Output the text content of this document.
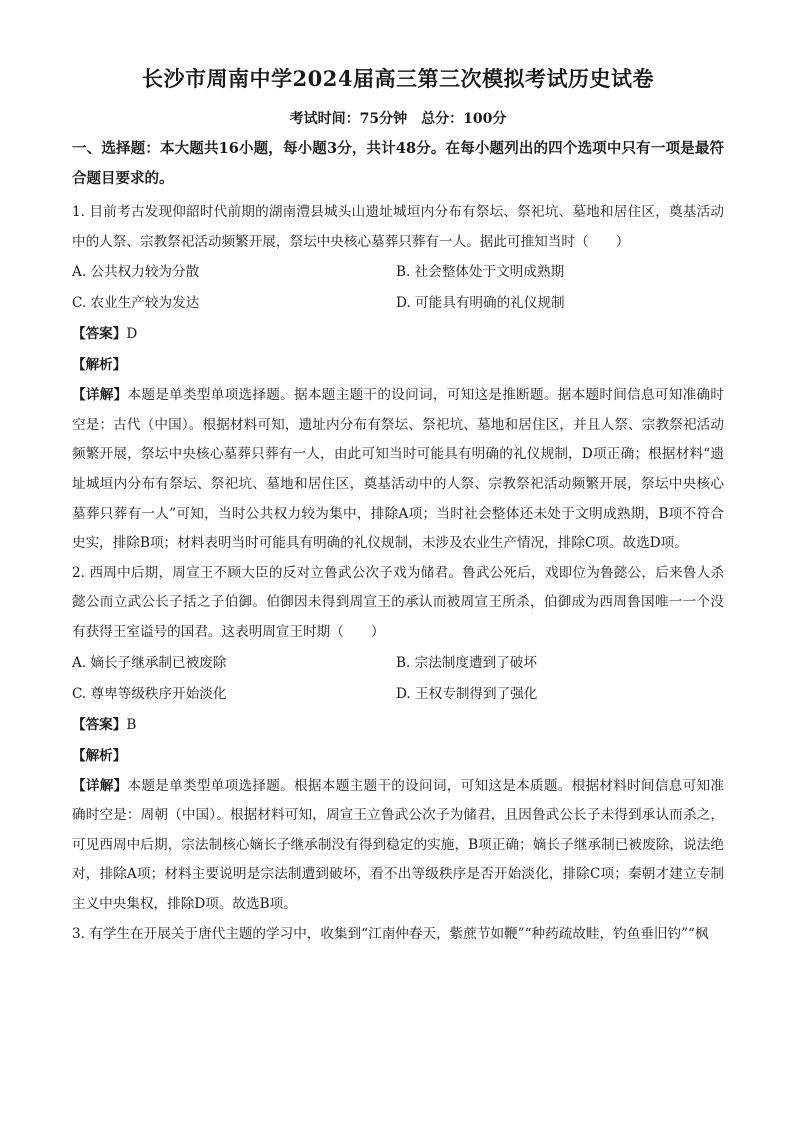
长沙市周南中学2024届高三第三次模拟考试历史试卷
考试时间：75分钟　总分：100分
一、选择题：本大题共16小题，每小题3分，共计48分。在每小题列出的四个选项中只有一项是最符合题目要求的。

1. 目前考古发现仰韶时代前期的湖南澧县城头山遗址城垣内分布有祭坛、祭祀坑、墓地和居住区，奠基活动中的人祭、宗教祭祀活动频繁开展，祭坛中央核心墓葬只葬有一人。据此可推知当时（　　）

A. 公共权力较为分散	B. 社会整体处于文明成熟期
C. 农业生产较为发达	D. 可能具有明确的礼仪规制

【答案】D

【解析】

【详解】本题是单类型单项选择题。据本题主题干的设问词，可知这是推断题。据本题时间信息可知准确时空是：古代（中国）。根据材料可知，遗址内分布有祭坛、祭祀坑、墓地和居住区，并且人祭、宗教祭祀活动频繁开展，祭坛中央核心墓葬只葬有一人，由此可知当时可能具有明确的礼仪规制，D项正确；根据材料“遗址城垣内分布有祭坛、祭祀坑、墓地和居住区，奠基活动中的人祭、宗教祭祀活动频繁开展，祭坛中央核心墓葬只葬有一人”可知，当时公共权力较为集中，排除A项；当时社会整体还未处于文明成熟期，B项不符合史实，排除B项；材料表明当时可能具有明确的礼仪规制，未涉及农业生产情况，排除C项。故选D项。

2. 西周中后期，周宣王不顾大臣的反对立鲁武公次子戏为储君。鲁武公死后，戏即位为鲁懿公，后来鲁人杀懿公而立武公长子括之子伯御。伯御因未得到周宣王的承认而被周宣王所杀，伯御成为西周鲁国唯一一个没有获得王室谥号的国君。这表明周宣王时期（　　）

A. 嫡长子继承制已被废除	B. 宗法制度遭到了破坏
C. 尊卑等级秩序开始淡化	D. 王权专制得到了强化

【答案】B

【解析】

【详解】本题是单类型单项选择题。根据本题主题干的设问词，可知这是本质题。根据材料时间信息可知准确时空是：周朝（中国）。根据材料可知，周宣王立鲁武公次子为储君，且因鲁武公长子未得到承认而杀之，可见西周中后期，宗法制核心嫡长子继承制没有得到稳定的实施，B项正确；嫡长子继承制已被废除，说法绝对，排除A项；材料主要说明是宗法制遭到破坏，看不出等级秩序是否开始淡化，排除C项；秦朝才建立专制主义中央集权，排除D项。故选B项。

3. 有学生在开展关于唐代主题的学习中，收集到“江南仲春天，紫蔗节如鞭”“种药疏故畦，钓鱼垂旧钓”“枫
